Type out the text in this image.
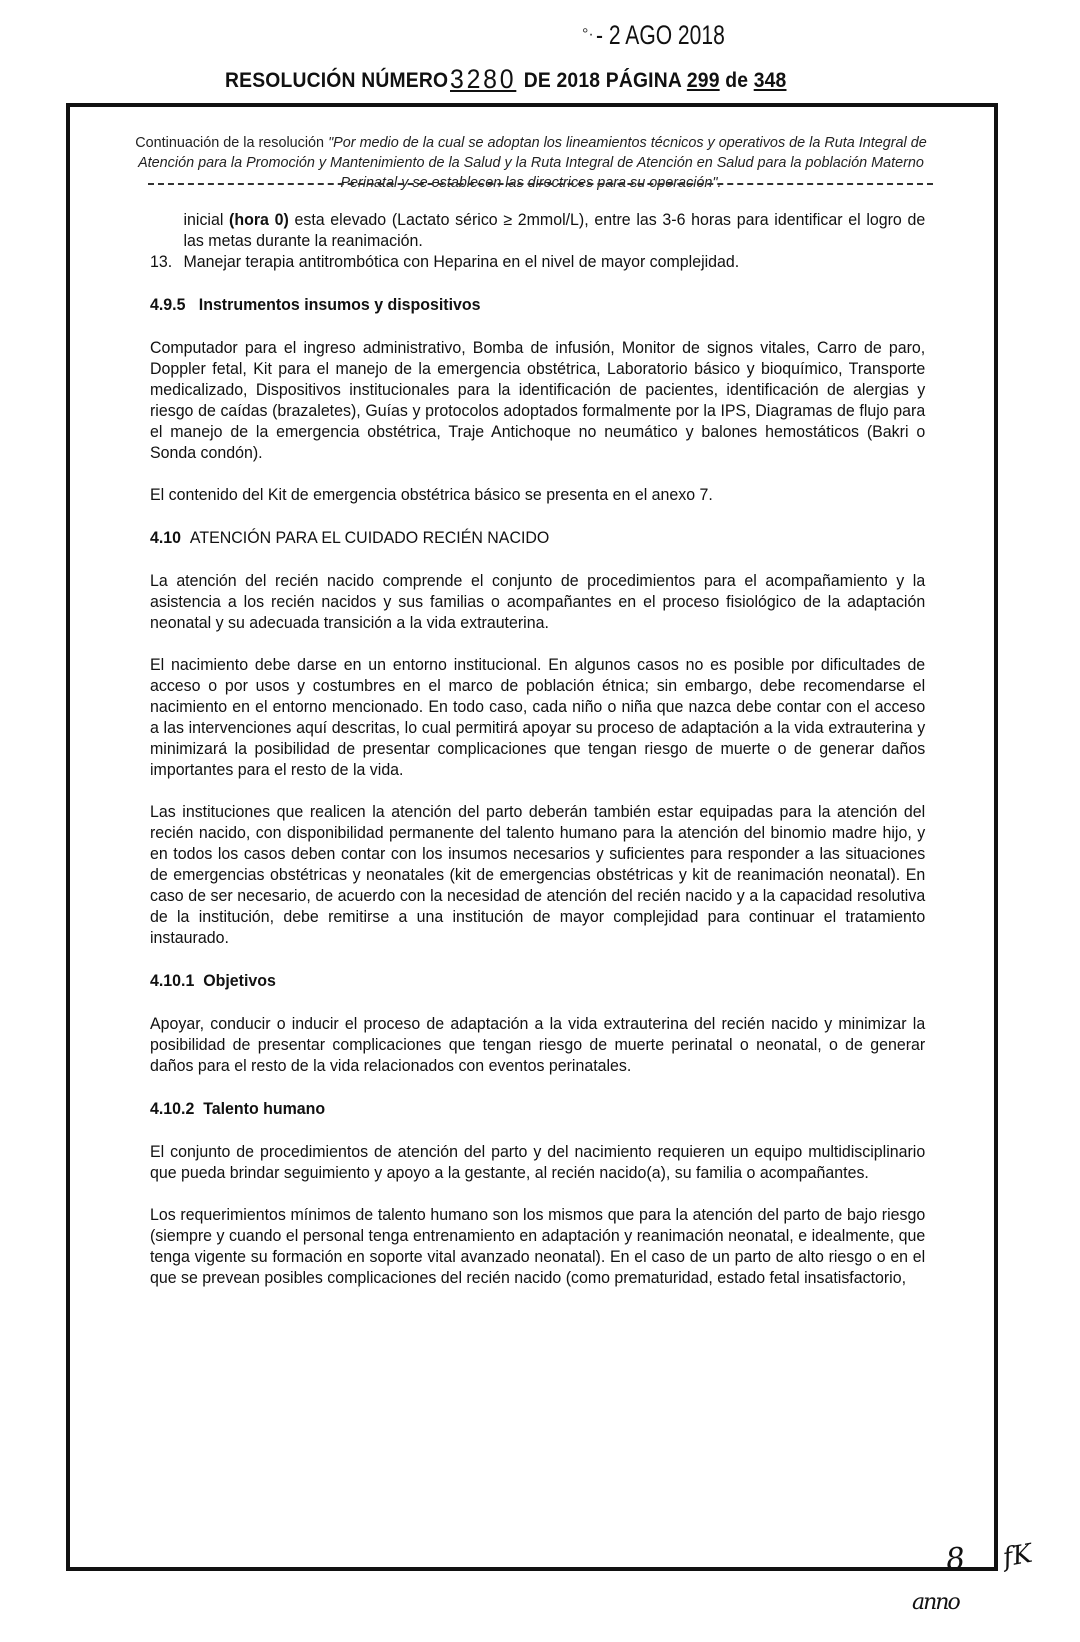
°· - 2 AGO 2018
RESOLUCIÓN NÚMERO3280 DE 2018 PÁGINA 299 de 348
Continuación de la resolución "Por medio de la cual se adoptan los lineamientos técnicos y operativos de la Ruta Integral de Atención para la Promoción y Mantenimiento de la Salud y la Ruta Integral de Atención en Salud para la población Materno Perinatal y se establecen las directrices para su operación".

inicial (hora 0) esta elevado (Lactato sérico ≥ 2mmol/L), entre las 3-6 horas para identificar el logro de las metas durante la reanimación.

13. Manejar terapia antitrombótica con Heparina en el nivel de mayor complejidad.

4.9.5 Instrumentos insumos y dispositivos

Computador para el ingreso administrativo, Bomba de infusión, Monitor de signos vitales, Carro de paro, Doppler fetal, Kit para el manejo de la emergencia obstétrica, Laboratorio básico y bioquímico, Transporte medicalizado, Dispositivos institucionales para la identificación de pacientes, identificación de alergias y riesgo de caídas (brazaletes), Guías y protocolos adoptados formalmente por la IPS, Diagramas de flujo para el manejo de la emergencia obstétrica, Traje Antichoque no neumático y balones hemostáticos (Bakri o Sonda condón).

El contenido del Kit de emergencia obstétrica básico se presenta en el anexo 7.

4.10 ATENCIÓN PARA EL CUIDADO RECIÉN NACIDO

La atención del recién nacido comprende el conjunto de procedimientos para el acompañamiento y la asistencia a los recién nacidos y sus familias o acompañantes en el proceso fisiológico de la adaptación neonatal y su adecuada transición a la vida extrauterina.

El nacimiento debe darse en un entorno institucional. En algunos casos no es posible por dificultades de acceso o por usos y costumbres en el marco de población étnica; sin embargo, debe recomendarse el nacimiento en el entorno mencionado. En todo caso, cada niño o niña que nazca debe contar con el acceso a las intervenciones aquí descritas, lo cual permitirá apoyar su proceso de adaptación a la vida extrauterina y minimizará la posibilidad de presentar complicaciones que tengan riesgo de muerte o de generar daños importantes para el resto de la vida.

Las instituciones que realicen la atención del parto deberán también estar equipadas para la atención del recién nacido, con disponibilidad permanente del talento humano para la atención del binomio madre hijo, y en todos los casos deben contar con los insumos necesarios y suficientes para responder a las situaciones de emergencias obstétricas y neonatales (kit de emergencias obstétricas y kit de reanimación neonatal). En caso de ser necesario, de acuerdo con la necesidad de atención del recién nacido y a la capacidad resolutiva de la institución, debe remitirse a una institución de mayor complejidad para continuar el tratamiento instaurado.

4.10.1 Objetivos

Apoyar, conducir o inducir el proceso de adaptación a la vida extrauterina del recién nacido y minimizar la posibilidad de presentar complicaciones que tengan riesgo de muerte perinatal o neonatal, o de generar daños para el resto de la vida relacionados con eventos perinatales.

4.10.2 Talento humano

El conjunto de procedimientos de atención del parto y del nacimiento requieren un equipo multidisciplinario que pueda brindar seguimiento y apoyo a la gestante, al recién nacido(a), su familia o acompañantes.

Los requerimientos mínimos de talento humano son los mismos que para la atención del parto de bajo riesgo (siempre y cuando el personal tenga entrenamiento en adaptación y reanimación neonatal, e idealmente, que tenga vigente su formación en soporte vital avanzado neonatal). En el caso de un parto de alto riesgo o en el que se prevean posibles complicaciones del recién nacido (como prematuridad, estado fetal insatisfactorio,

8 fK
anno
